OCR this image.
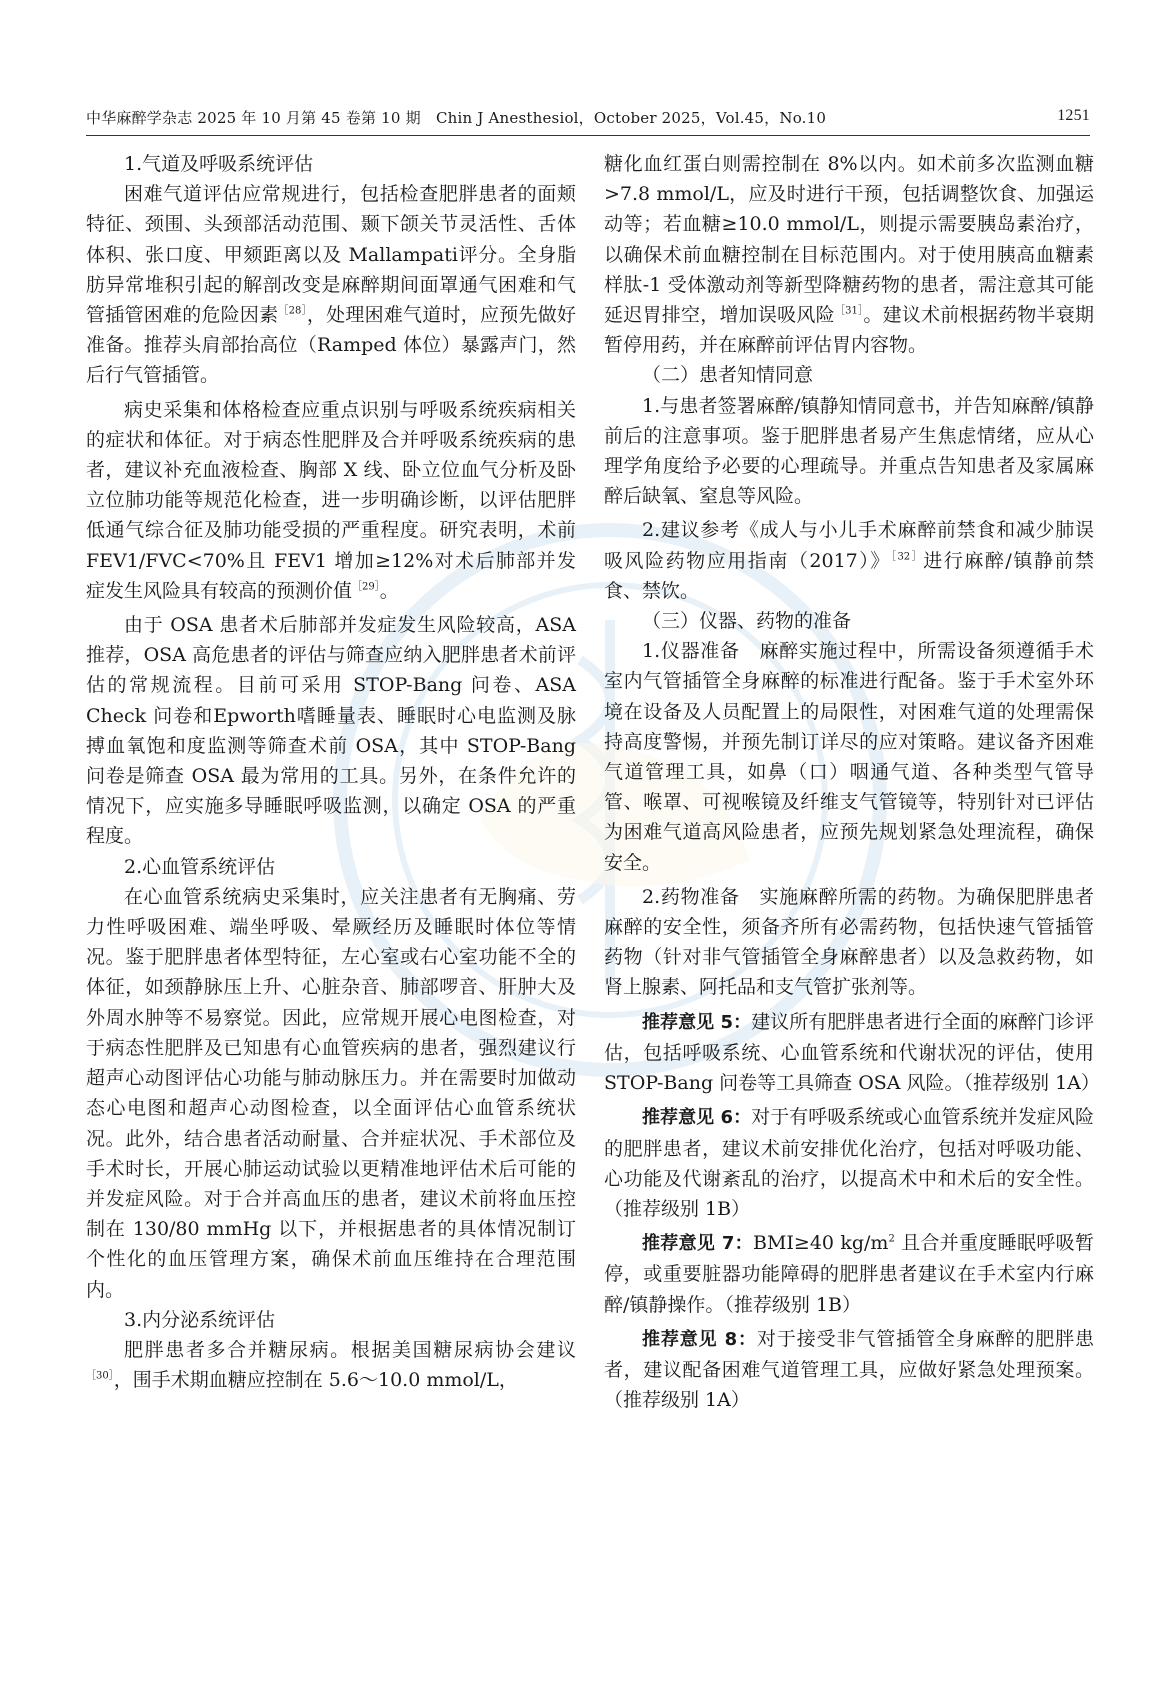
中华麻醉学杂志 2025 年 10 月第 45 卷第 10 期　Chin J Anesthesiol，October 2025，Vol.45，No.10	1251

1.气道及呼吸系统评估

困难气道评估应常规进行，包括检查肥胖患者的面颊特征、颈围、头颈部活动范围、颞下颌关节灵活性、舌体体积、张口度、甲颏距离以及 Mallampati评分。全身脂肪异常堆积引起的解剖改变是麻醉期间面罩通气困难和气管插管困难的危险因素$^{[28]}$，处理困难气道时，应预先做好准备。推荐头肩部抬高位（Ramped 体位）暴露声门，然后行气管插管。

病史采集和体格检查应重点识别与呼吸系统疾病相关的症状和体征。对于病态性肥胖及合并呼吸系统疾病的患者，建议补充血液检查、胸部 X 线、卧立位血气分析及卧立位肺功能等规范化检查，进一步明确诊断，以评估肥胖低通气综合征及肺功能受损的严重程度。研究表明，术前 FEV1/FVC<70%且 FEV1 增加≥12%对术后肺部并发症发生风险具有较高的预测价值$^{[29]}$。

由于 OSA 患者术后肺部并发症发生风险较高，ASA 推荐，OSA 高危患者的评估与筛查应纳入肥胖患者术前评估的常规流程。目前可采用 STOP-Bang 问卷、ASA Check 问卷和Epworth嗜睡量表、睡眠时心电监测及脉搏血氧饱和度监测等筛查术前 OSA，其中 STOP-Bang 问卷是筛查 OSA 最为常用的工具。另外，在条件允许的情况下，应实施多导睡眠呼吸监测，以确定 OSA 的严重程度。

2.心血管系统评估

在心血管系统病史采集时，应关注患者有无胸痛、劳力性呼吸困难、端坐呼吸、晕厥经历及睡眠时体位等情况。鉴于肥胖患者体型特征，左心室或右心室功能不全的体征，如颈静脉压上升、心脏杂音、肺部啰音、肝肿大及外周水肿等不易察觉。因此，应常规开展心电图检查，对于病态性肥胖及已知患有心血管疾病的患者，强烈建议行超声心动图评估心功能与肺动脉压力。并在需要时加做动态心电图和超声心动图检查，以全面评估心血管系统状况。此外，结合患者活动耐量、合并症状况、手术部位及手术时长，开展心肺运动试验以更精准地评估术后可能的并发症风险。对于合并高血压的患者，建议术前将血压控制在 130/80 mmHg 以下，并根据患者的具体情况制订个性化的血压管理方案，确保术前血压维持在合理范围内。

3.内分泌系统评估

肥胖患者多合并糖尿病。根据美国糖尿病协会建议$^{[30]}$，围手术期血糖应控制在 5.6～10.0 mmol/L，

糖化血红蛋白则需控制在 8%以内。如术前多次监测血糖>7.8 mmol/L，应及时进行干预，包括调整饮食、加强运动等；若血糖≥10.0 mmol/L，则提示需要胰岛素治疗，以确保术前血糖控制在目标范围内。对于使用胰高血糖素样肽-1 受体激动剂等新型降糖药物的患者，需注意其可能延迟胃排空，增加误吸风险$^{[31]}$。建议术前根据药物半衰期暂停用药，并在麻醉前评估胃内容物。

（二）患者知情同意

1.与患者签署麻醉/镇静知情同意书，并告知麻醉/镇静前后的注意事项。鉴于肥胖患者易产生焦虑情绪，应从心理学角度给予必要的心理疏导。并重点告知患者及家属麻醉后缺氧、窒息等风险。

2.建议参考《成人与小儿手术麻醉前禁食和减少肺误吸风险药物应用指南（2017）》$^{[32]}$进行麻醉/镇静前禁食、禁饮。

（三）仪器、药物的准备

1.仪器准备　麻醉实施过程中，所需设备须遵循手术室内气管插管全身麻醉的标准进行配备。鉴于手术室外环境在设备及人员配置上的局限性，对困难气道的处理需保持高度警惕，并预先制订详尽的应对策略。建议备齐困难气道管理工具，如鼻（口）咽通气道、各种类型气管导管、喉罩、可视喉镜及纤维支气管镜等，特别针对已评估为困难气道高风险患者，应预先规划紧急处理流程，确保安全。

2.药物准备　实施麻醉所需的药物。为确保肥胖患者麻醉的安全性，须备齐所有必需药物，包括快速气管插管药物（针对非气管插管全身麻醉患者）以及急救药物，如肾上腺素、阿托品和支气管扩张剂等。

推荐意见 5：建议所有肥胖患者进行全面的麻醉门诊评估，包括呼吸系统、心血管系统和代谢状况的评估，使用 STOP-Bang 问卷等工具筛查 OSA 风险。（推荐级别 1A）

推荐意见 6：对于有呼吸系统或心血管系统并发症风险的肥胖患者，建议术前安排优化治疗，包括对呼吸功能、心功能及代谢紊乱的治疗，以提高术中和术后的安全性。（推荐级别 1B）

推荐意见 7：BMI≥40 $kg/m^2$ 且合并重度睡眠呼吸暂停，或重要脏器功能障碍的肥胖患者建议在手术室内行麻醉/镇静操作。（推荐级别 1B）

推荐意见 8：对于接受非气管插管全身麻醉的肥胖患者，建议配备困难气道管理工具，应做好紧急处理预案。（推荐级别 1A）
